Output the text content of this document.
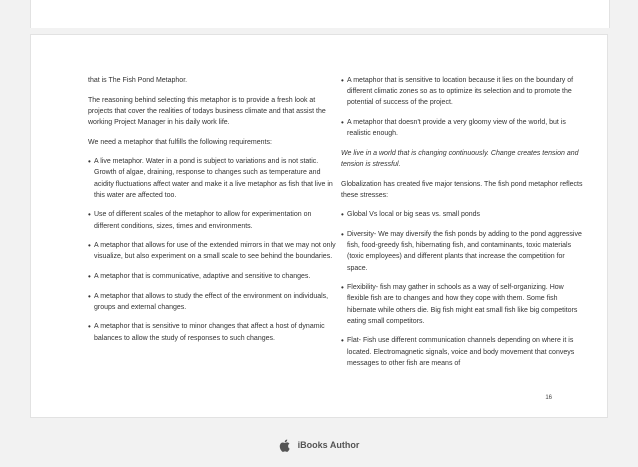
that is The Fish Pond Metaphor.

The reasoning behind selecting this metaphor is to provide a fresh look at projects that cover the realities of todays business climate and that assist the working Project Manager in his daily work life.

We need a metaphor that fulfills the following requirements:

• A live metaphor. Water in a pond is subject to variations and is not static. Growth of algae, draining, response to changes such as temperature and acidity fluctuations affect water and make it a live metaphor as fish that live in this water are affected too.
• Use of different scales of the metaphor to allow for experimentation on different conditions, sizes, times and environments.
• A metaphor that allows for use of the extended mirrors in that we may not only visualize, but also experiment on a small scale to see behind the boundaries.
• A metaphor that is communicative, adaptive and sensitive to changes.
• A metaphor that allows to study the effect of the environment on individuals, groups and external changes.
• A metaphor that is sensitive to minor changes that affect a host of dynamic balances to allow the study of responses to such changes.
• A metaphor that is sensitive to location because it lies on the boundary of different climatic zones so as to optimize its selection and to promote the potential of success of the project.
• A metaphor that doesn't provide a very gloomy view of the world, but is realistic enough.

We live in a world that is changing continuously. Change creates tension and tension is stressful.

Globalization has created five major tensions. The fish pond metaphor reflects these stresses:

• Global Vs local or big seas vs. small ponds
• Diversity- We may diversify the fish ponds by adding to the pond aggressive fish, food-greedy fish, hibernating fish, and contaminants, toxic materials (toxic employees) and different plants that increase the competition for space.
• Flexibility- fish may gather in schools as a way of self-organizing. How flexible fish are to changes and how they cope with them. Some fish hibernate while others die. Big fish might eat small fish like big competitors eating small competitors.
• Flat- Fish use different communication channels depending on where it is located. Electromagnetic signals, voice and body movement that conveys messages to other fish are means of
16
iBooks Author
